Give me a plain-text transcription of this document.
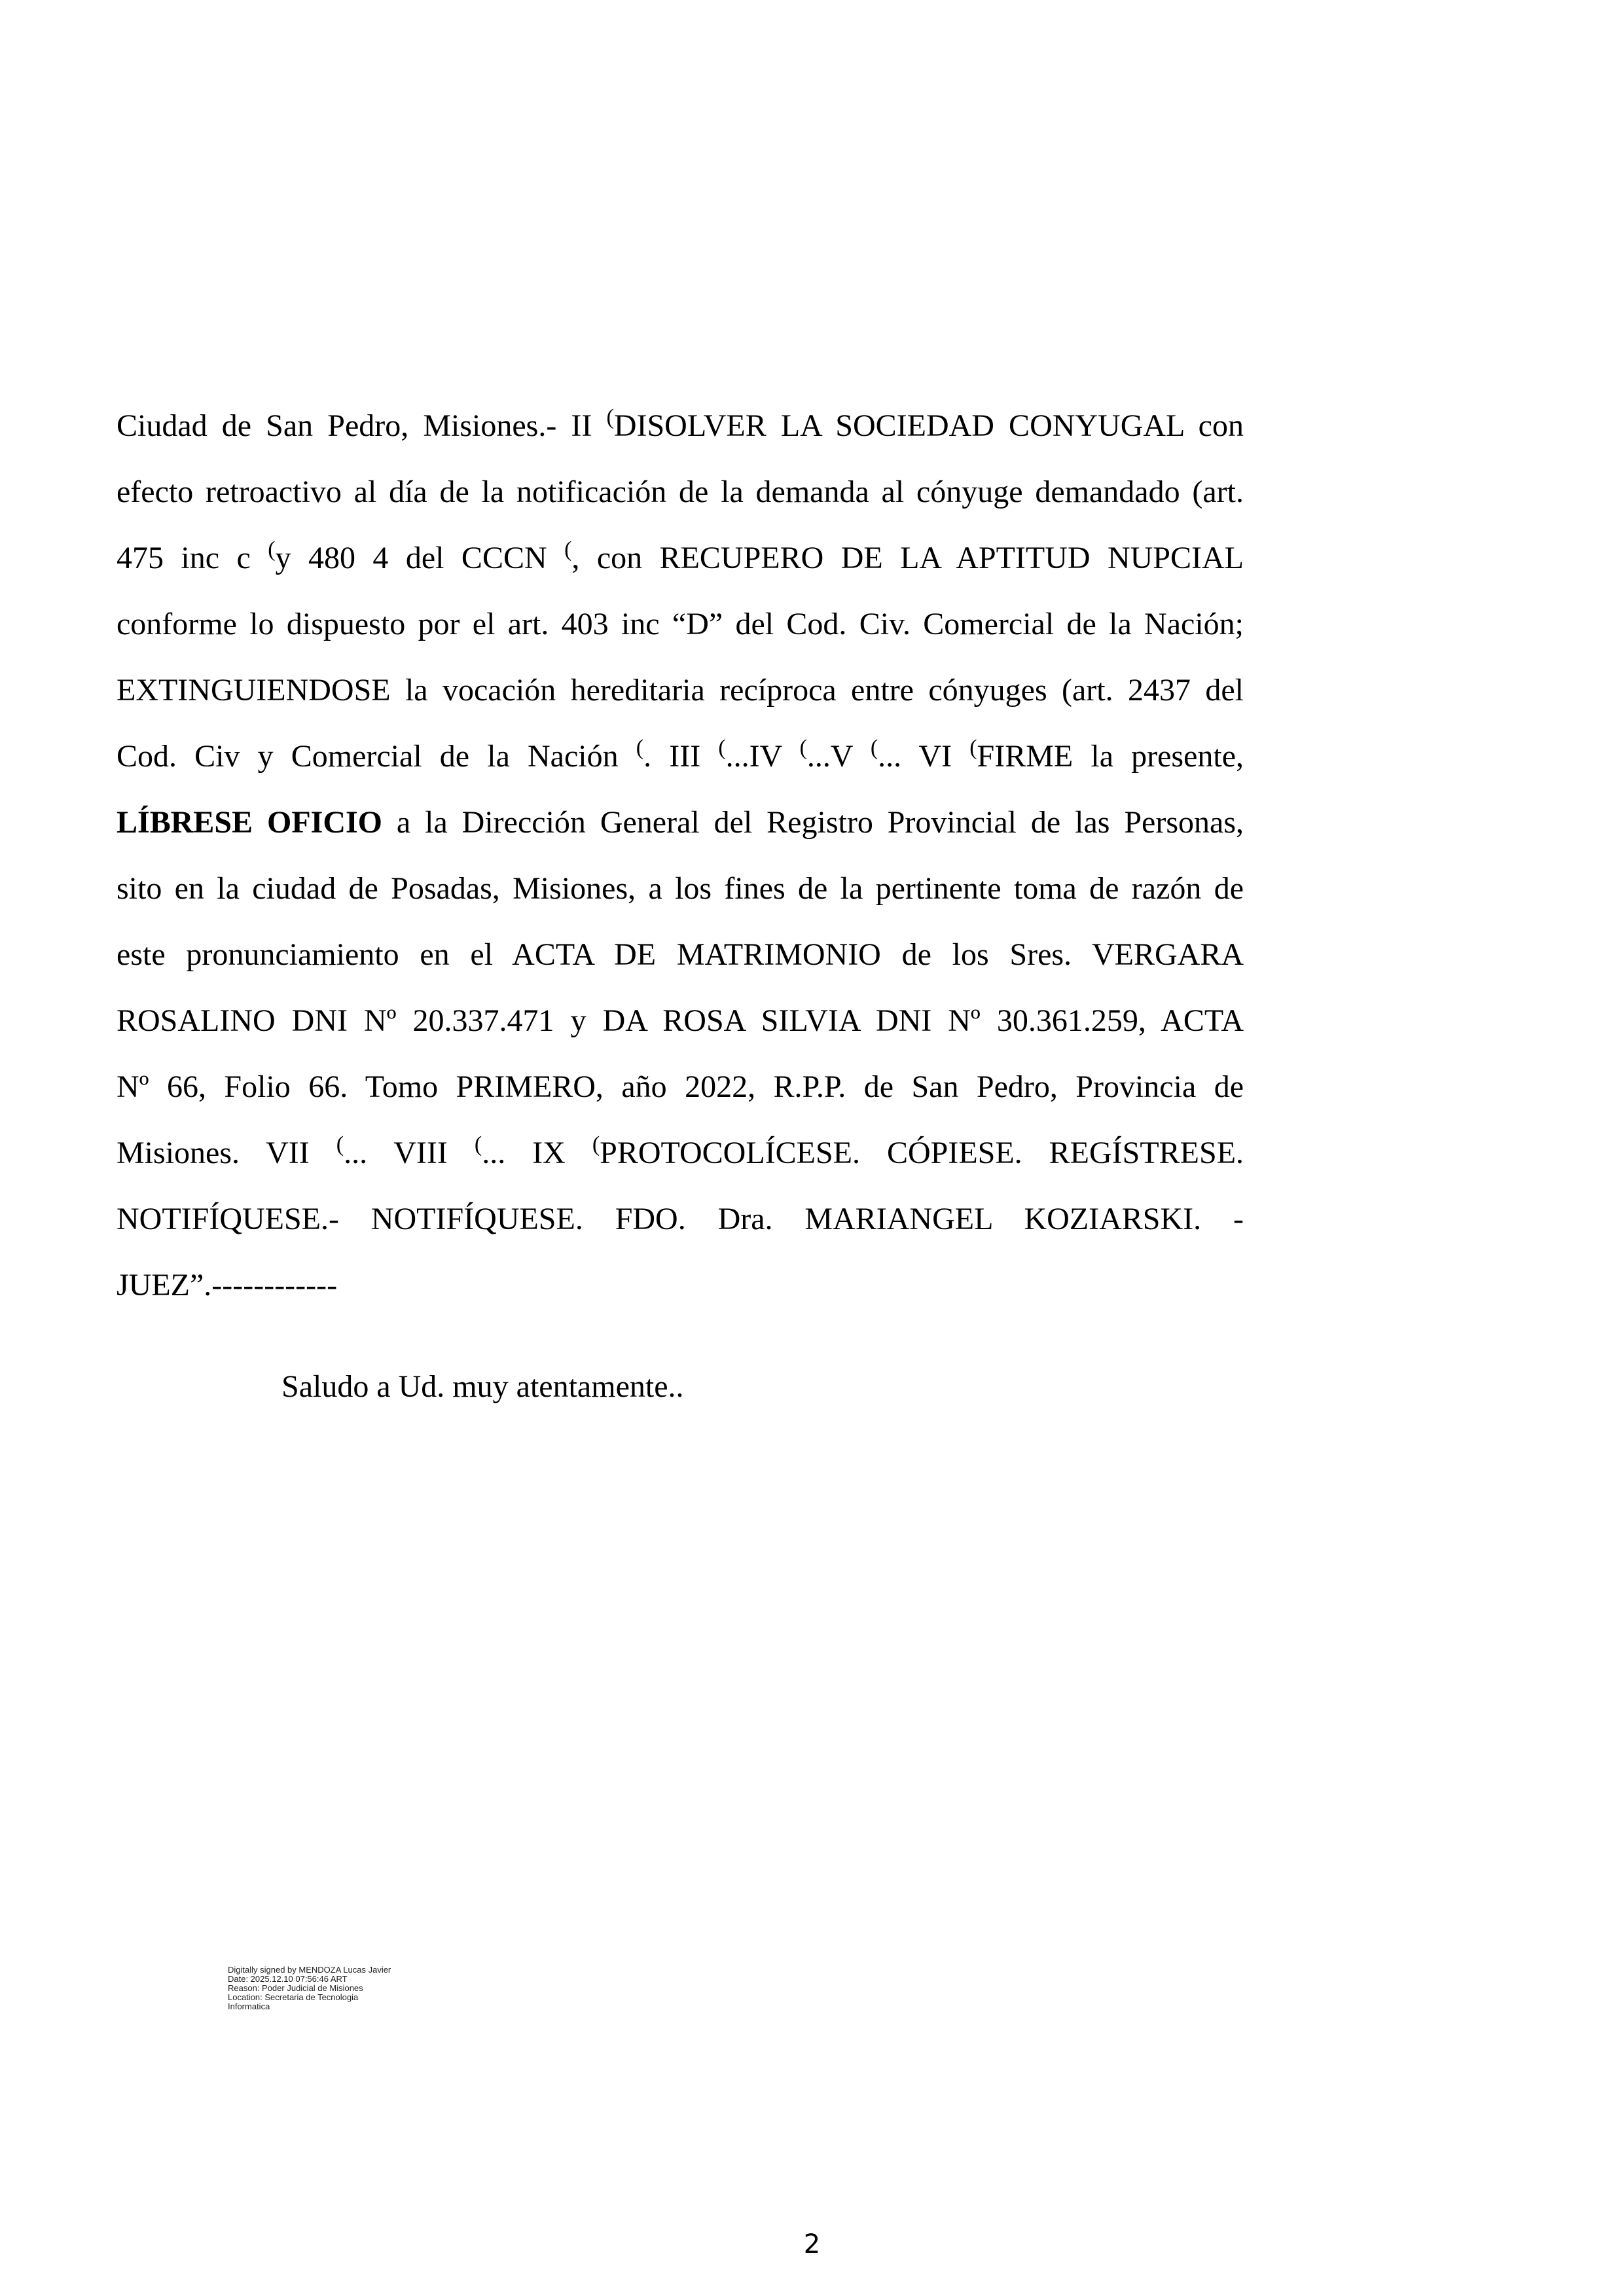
Ciudad de San Pedro, Misiones.- II (DISOLVER LA SOCIEDAD CONYUGAL con
efecto retroactivo al día de la notificación de la demanda al cónyuge demandado (art.
475 inc c (y 480 4 del CCCN (, con RECUPERO DE LA APTITUD NUPCIAL
conforme lo dispuesto por el art. 403 inc “D” del Cod. Civ. Comercial de la Nación;
EXTINGUIENDOSE la vocación hereditaria recíproca entre cónyuges (art. 2437 del
Cod. Civ y Comercial de la Nación (. III (...IV (...V (... VI (FIRME la presente,
LÍBRESE OFICIO a la Dirección General del Registro Provincial de las Personas,
sito en la ciudad de Posadas, Misiones, a los fines de la pertinente toma de razón de
este pronunciamiento en el ACTA DE MATRIMONIO de los Sres. VERGARA
ROSALINO DNI Nº 20.337.471 y DA ROSA SILVIA DNI Nº 30.361.259, ACTA
Nº 66, Folio 66. Tomo PRIMERO, año 2022, R.P.P. de San Pedro, Provincia de
Misiones. VII (... VIII (... IX (PROTOCOLÍCESE. CÓPIESE. REGÍSTRESE.
NOTIFÍQUESE.- NOTIFÍQUESE. FDO. Dra. MARIANGEL KOZIARSKI. -
JUEZ”.------------
Saludo a Ud. muy atentamente..
Digitally signed by MENDOZA Lucas Javier
Date: 2025.12.10 07:56:46 ART
Reason: Poder Judicial de Misiones
Location: Secretaria de Tecnologia
Informatica
2
